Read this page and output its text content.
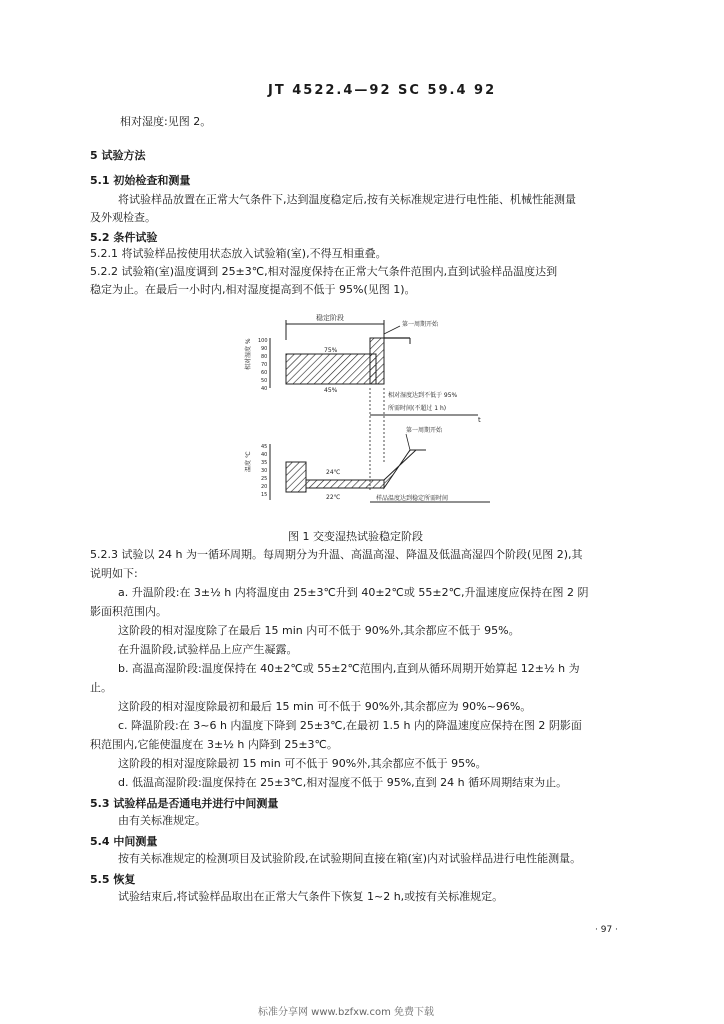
JT 4522.4—92 SC 59.4 92
相对湿度:见图 2。
5 试验方法
5.1 初始检查和测量
将试验样品放置在正常大气条件下,达到温度稳定后,按有关标准规定进行电性能、机械性能测量
及外观检查。
5.2 条件试验
5.2.1 将试验样品按使用状态放入试验箱(室),不得互相重叠。
5.2.2 试验箱(室)温度调到 25±3℃,相对湿度保持在正常大气条件范围内,直到试验样品温度达到
稳定为止。在最后一小时内,相对湿度提高到不低于 95%(见图 1)。
稳定阶段
第一周期开始
相对湿度 % 100
90
80
70
60
50
40
75%
45%
相对湿度达到不低于 95%
所需时间(不超过 1 h)
t
温度 ℃
45
40
35
30
25
20
15
第一周期开始
24℃
22℃	样品温度达到稳定所需时间
图 1 交变湿热试验稳定阶段
5.2.3 试验以 24 h 为一循环周期。每周期分为升温、高温高湿、降温及低温高湿四个阶段(见图 2),其
说明如下:
a. 升温阶段:在 3±½ h 内将温度由 25±3℃升到 40±2℃或 55±2℃,升温速度应保持在图 2 阴
影面积范围内。
这阶段的相对湿度除了在最后 15 min 内可不低于 90%外,其余都应不低于 95%。
在升温阶段,试验样品上应产生凝露。
b. 高温高湿阶段:温度保持在 40±2℃或 55±2℃范围内,直到从循环周期开始算起 12±½ h 为
止。
这阶段的相对湿度除最初和最后 15 min 可不低于 90%外,其余都应为 90%~96%。
c. 降温阶段:在 3~6 h 内温度下降到 25±3℃,在最初 1.5 h 内的降温速度应保持在图 2 阴影面
积范围内,它能使温度在 3±½ h 内降到 25±3℃。
这阶段的相对湿度除最初 15 min 可不低于 90%外,其余都应不低于 95%。
d. 低温高湿阶段:温度保持在 25±3℃,相对湿度不低于 95%,直到 24 h 循环周期结束为止。
5.3 试验样品是否通电并进行中间测量
由有关标准规定。
5.4 中间测量
按有关标准规定的检测项目及试验阶段,在试验期间直接在箱(室)内对试验样品进行电性能测量。
5.5 恢复
试验结束后,将试验样品取出在正常大气条件下恢复 1~2 h,或按有关标准规定。
· 97 ·
标准分享网 www.bzfxw.com 免费下载
